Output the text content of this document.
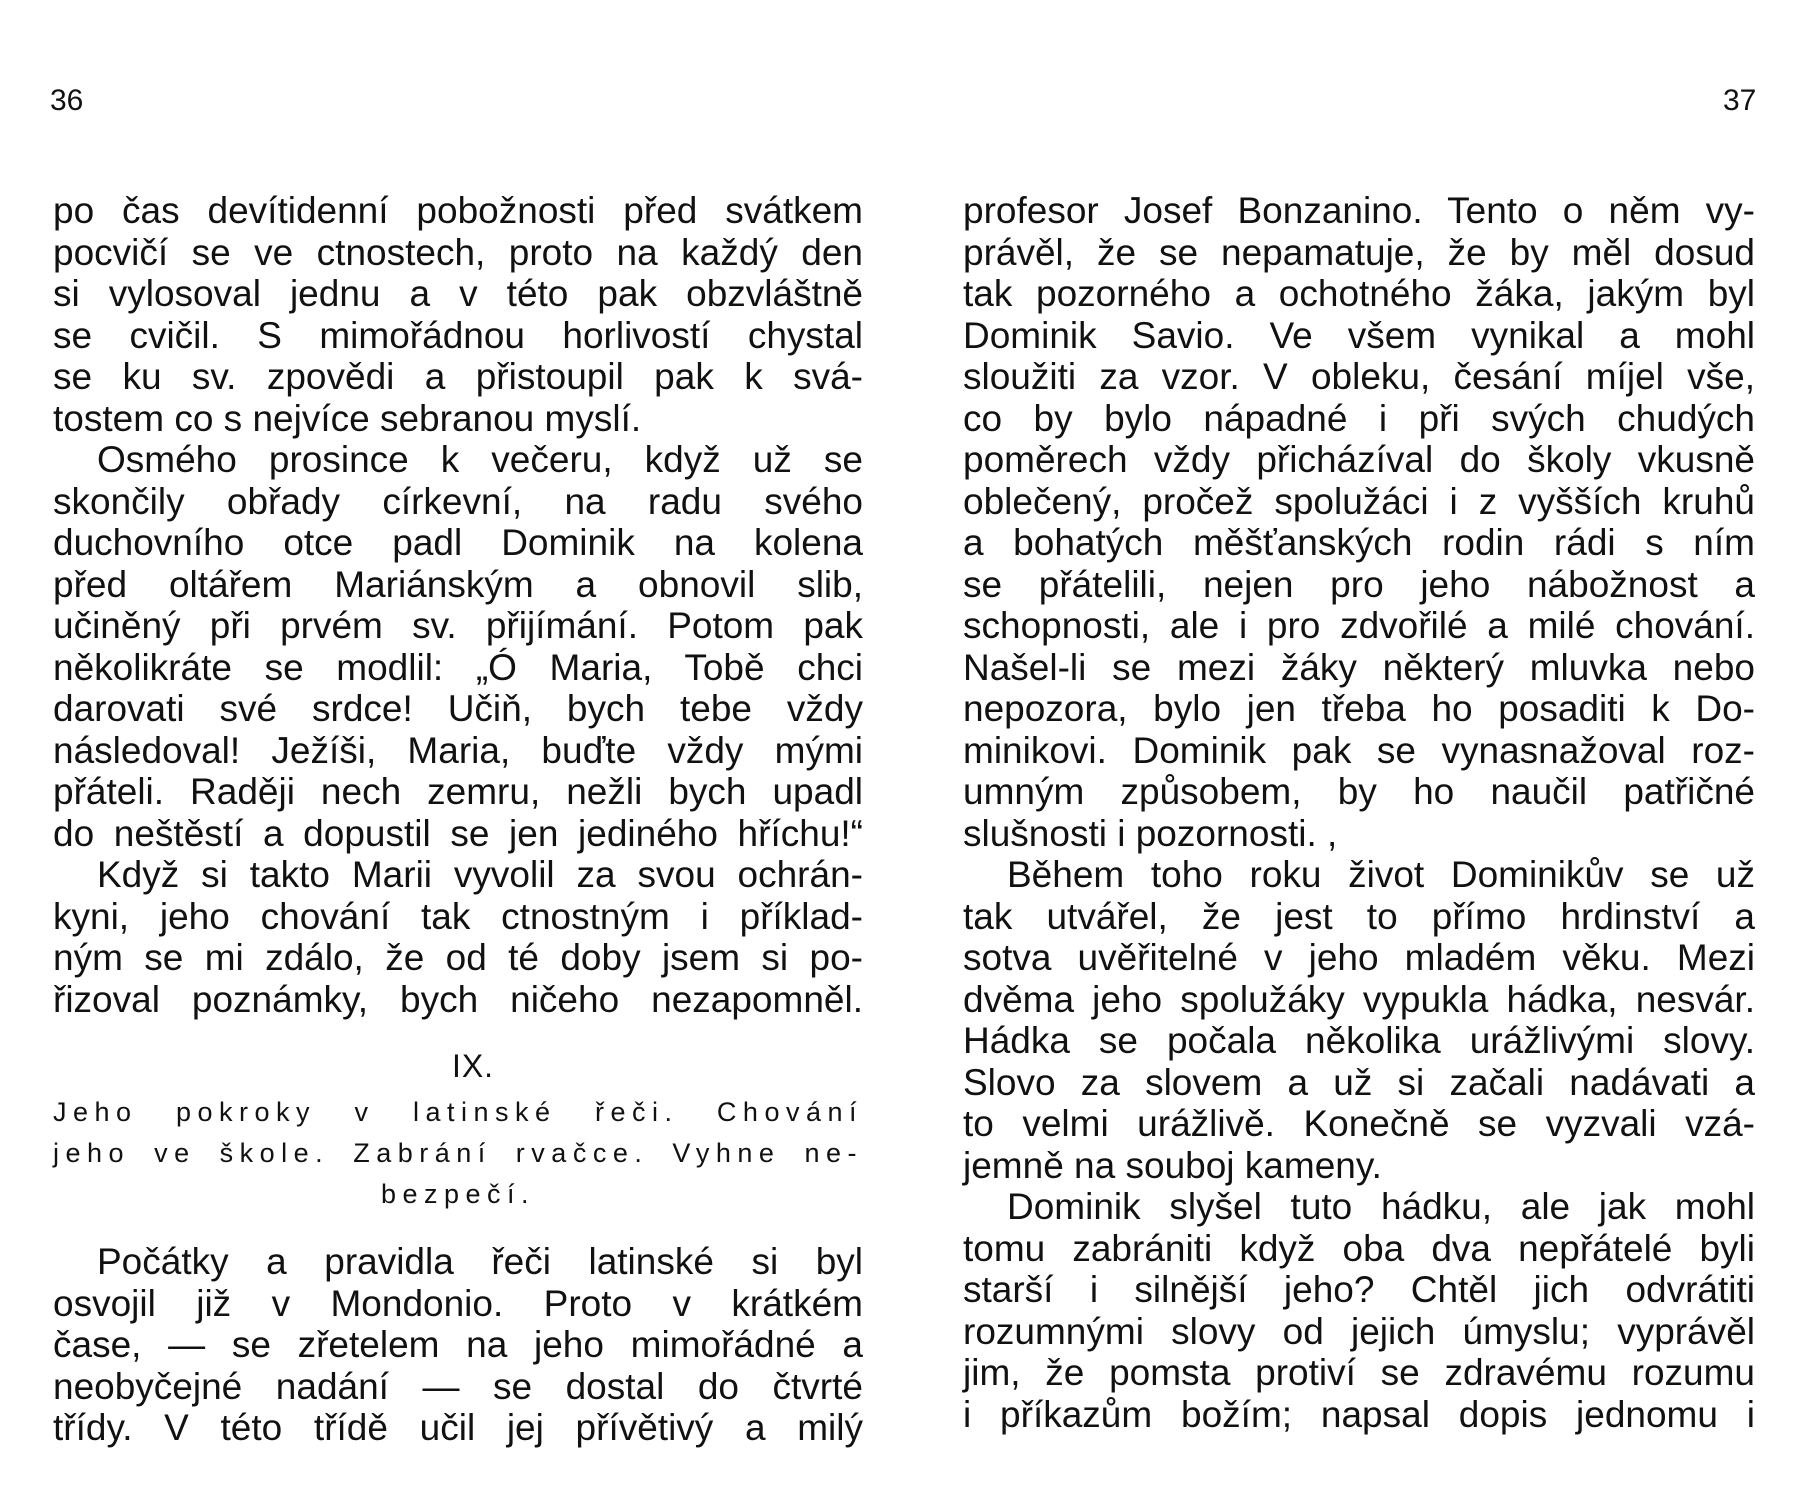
36	37
po čas devítidenní pobožnosti před svátkem
pocvičí se ve ctnostech, proto na každý den
si vylosoval jednu a v této pak obzvláštně
se cvičil. S mimořádnou horlivostí chystal
se ku sv. zpovědi a přistoupil pak k svá-
tostem co s nejvíce sebranou myslí.
Osmého prosince k večeru, když už se
skončily obřady církevní, na radu svého
duchovního otce padl Dominik na kolena
před oltářem Mariánským a obnovil slib,
učiněný při prvém sv. přijímání. Potom pak
několikráte se modlil: „Ó Maria, Tobě chci
darovati své srdce! Učiň, bych tebe vždy
následoval! Ježíši, Maria, buďte vždy mými
přáteli. Raději nech zemru, nežli bych upadl
do neštěstí a dopustil se jen jediného hříchu!“
Když si takto Marii vyvolil za svou ochrán-
kyni, jeho chování tak ctnostným i příklad-
ným se mi zdálo, že od té doby jsem si po-
řizoval poznámky, bych ničeho nezapomněl.
IX.
Jeho pokroky v latinské řeči. Chování
jeho ve škole. Zabrání rvačce. Vyhne ne-
bezpečí.
Počátky a pravidla řeči latinské si byl
osvojil již v Mondonio. Proto v krátkém
čase, — se zřetelem na jeho mimořádné a
neobyčejné nadání — se dostal do čtvrté
třídy. V této třídě učil jej přívětivý a milý
profesor Josef Bonzanino. Tento o něm vy-
právěl, že se nepamatuje, že by měl dosud
tak pozorného a ochotného žáka, jakým byl
Dominik Savio. Ve všem vynikal a mohl
sloužiti za vzor. V obleku, česání míjel vše,
co by bylo nápadné i při svých chudých
poměrech vždy přicházíval do školy vkusně
oblečený, pročež spolužáci i z vyšších kruhů
a bohatých měšťanských rodin rádi s ním
se přátelili, nejen pro jeho nábožnost a
schopnosti, ale i pro zdvořilé a milé chování.
Našel-li se mezi žáky některý mluvka nebo
nepozora, bylo jen třeba ho posaditi k Do-
minikovi. Dominik pak se vynasnažoval roz-
umným způsobem, by ho naučil patřičné
slušnosti i pozornosti. ,
Během toho roku život Dominikův se už
tak utvářel, že jest to přímo hrdinství a
sotva uvěřitelné v jeho mladém věku. Mezi
dvěma jeho spolužáky vypukla hádka, nesvár.
Hádka se počala několika urážlivými slovy.
Slovo za slovem a už si začali nadávati a
to velmi urážlivě. Konečně se vyzvali vzá-
jemně na souboj kameny.
Dominik slyšel tuto hádku, ale jak mohl
tomu zabrániti když oba dva nepřátelé byli
starší i silnější jeho? Chtěl jich odvrátiti
rozumnými slovy od jejich úmyslu; vyprávěl
jim, že pomsta protiví se zdravému rozumu
i příkazům božím; napsal dopis jednomu i
